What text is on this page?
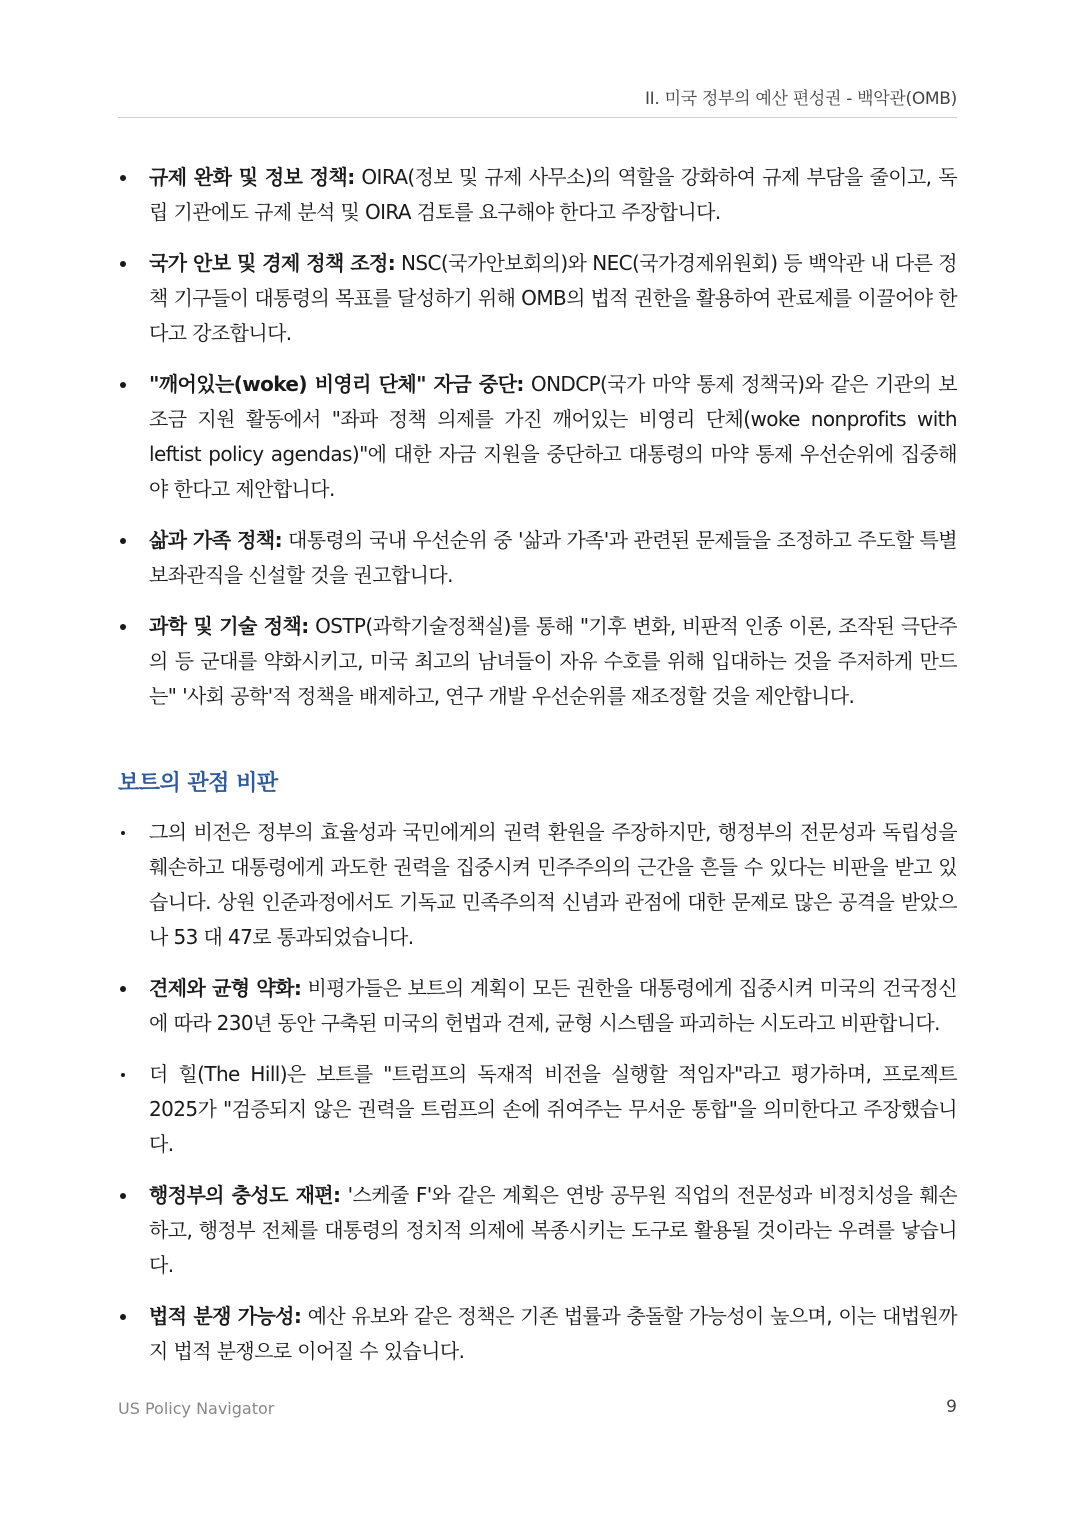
II. 미국 정부의 예산 편성권 - 백악관(OMB)
규제 완화 및 정보 정책: OIRA(정보 및 규제 사무소)의 역할을 강화하여 규제 부담을 줄이고, 독립 기관에도 규제 분석 및 OIRA 검토를 요구해야 한다고 주장합니다.
국가 안보 및 경제 정책 조정: NSC(국가안보회의)와 NEC(국가경제위원회) 등 백악관 내 다른 정책 기구들이 대통령의 목표를 달성하기 위해 OMB의 법적 권한을 활용하여 관료제를 이끌어야 한다고 강조합니다.
"깨어있는(woke) 비영리 단체" 자금 중단: ONDCP(국가 마약 통제 정책국)와 같은 기관의 보조금 지원 활동에서 "좌파 정책 의제를 가진 깨어있는 비영리 단체(woke nonprofits with leftist policy agendas)"에 대한 자금 지원을 중단하고 대통령의 마약 통제 우선순위에 집중해야 한다고 제안합니다.
삶과 가족 정책: 대통령의 국내 우선순위 중 '삶과 가족'과 관련된 문제들을 조정하고 주도할 특별 보좌관직을 신설할 것을 권고합니다.
과학 및 기술 정책: OSTP(과학기술정책실)를 통해 "기후 변화, 비판적 인종 이론, 조작된 극단주의 등 군대를 약화시키고, 미국 최고의 남녀들이 자유 수호를 위해 입대하는 것을 주저하게 만드는" '사회 공학'적 정책을 배제하고, 연구 개발 우선순위를 재조정할 것을 제안합니다.
보트의 관점 비판
그의 비전은 정부의 효율성과 국민에게의 권력 환원을 주장하지만, 행정부의 전문성과 독립성을 훼손하고 대통령에게 과도한 권력을 집중시켜 민주주의의 근간을 흔들 수 있다는 비판을 받고 있습니다. 상원 인준과정에서도 기독교 민족주의적 신념과 관점에 대한 문제로 많은 공격을 받았으나 53 대 47로 통과되었습니다.
견제와 균형 약화: 비평가들은 보트의 계획이 모든 권한을 대통령에게 집중시켜 미국의 건국정신에 따라 230년 동안 구축된 미국의 헌법과 견제, 균형 시스템을 파괴하는 시도라고 비판합니다.
더 힐(The Hill)은 보트를 "트럼프의 독재적 비전을 실행할 적임자"라고 평가하며, 프로젝트 2025가 "검증되지 않은 권력을 트럼프의 손에 쥐여주는 무서운 통합"을 의미한다고 주장했습니다.
행정부의 충성도 재편: '스케줄 F'와 같은 계획은 연방 공무원 직업의 전문성과 비정치성을 훼손하고, 행정부 전체를 대통령의 정치적 의제에 복종시키는 도구로 활용될 것이라는 우려를 낳습니다.
법적 분쟁 가능성: 예산 유보와 같은 정책은 기존 법률과 충돌할 가능성이 높으며, 이는 대법원까지 법적 분쟁으로 이어질 수 있습니다.
US Policy Navigator	9
